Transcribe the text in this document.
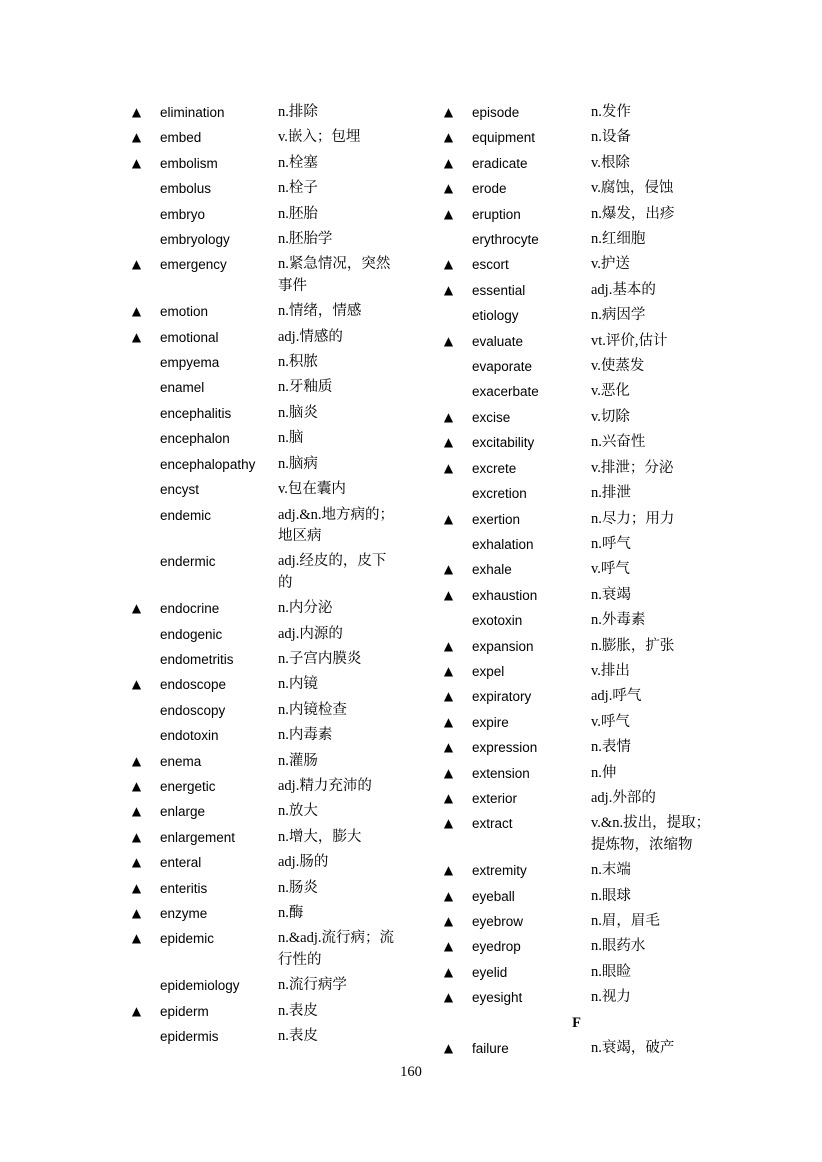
▲	elimination	n.排除
▲	embed	v.嵌入；包埋
▲	embolism	n.栓塞
embolus	n.栓子
embryo	n.胚胎
embryology	n.胚胎学
▲	emergency	n.紧急情况，突然
事件
▲	emotion	n.情绪，情感
▲	emotional	adj.情感的
empyema	n.积脓
enamel	n.牙釉质
encephalitis	n.脑炎
encephalon	n.脑
encephalopathy	n.脑病
encyst	v.包在囊内
endemic	adj.&n.地方病的；
地区病
endermic	adj.经皮的，皮下
的
▲	endocrine	n.内分泌
endogenic	adj.内源的
endometritis	n.子宫内膜炎
▲	endoscope	n.内镜
endoscopy	n.内镜检查
endotoxin	n.内毒素
▲	enema	n.灌肠
▲	energetic	adj.精力充沛的
▲	enlarge	n.放大
▲	enlargement	n.增大，膨大
▲	enteral	adj.肠的
▲	enteritis	n.肠炎
▲	enzyme	n.酶
▲	epidemic	n.&adj.流行病；流
行性的
epidemiology	n.流行病学
▲	epiderm	n.表皮
epidermis	n.表皮
▲	episode	n.发作
▲	equipment	n.设备
▲	eradicate	v.根除
▲	erode	v.腐蚀，侵蚀
▲	eruption	n.爆发，出疹
erythrocyte	n.红细胞
▲	escort	v.护送
▲	essential	adj.基本的
etiology	n.病因学
▲	evaluate	vt.评价,估计
evaporate	v.使蒸发
exacerbate	v.恶化
▲	excise	v.切除
▲	excitability	n.兴奋性
▲	excrete	v.排泄；分泌
excretion	n.排泄
▲	exertion	n.尽力；用力
exhalation	n.呼气
▲	exhale	v.呼气
▲	exhaustion	n.衰竭
exotoxin	n.外毒素
▲	expansion	n.膨胀，扩张
▲	expel	v.排出
▲	expiratory	adj.呼气
▲	expire	v.呼气
▲	expression	n.表情
▲	extension	n.伸
▲	exterior	adj.外部的
▲	extract	v.&n.拔出，提取；
提炼物，浓缩物
▲	extremity	n.末端
▲	eyeball	n.眼球
▲	eyebrow	n.眉，眉毛
▲	eyedrop	n.眼药水
▲	eyelid	n.眼睑
▲	eyesight	n.视力
F
▲	failure	n.衰竭，破产
160
